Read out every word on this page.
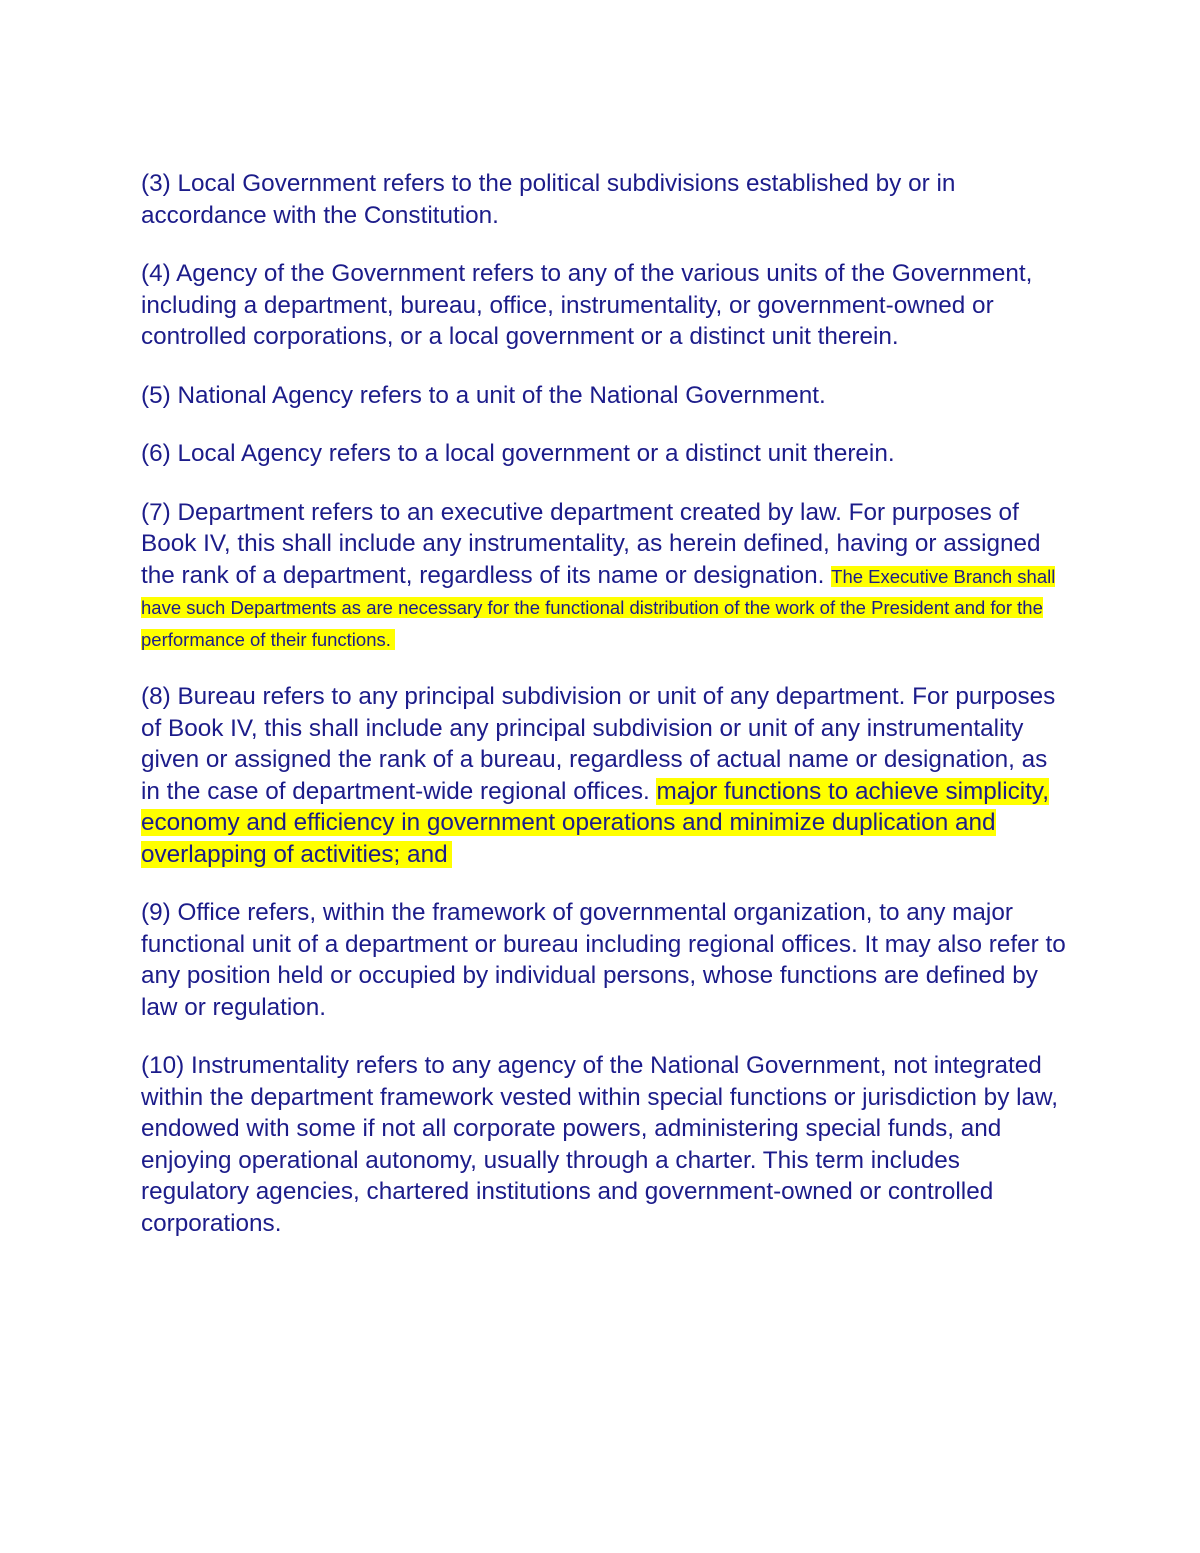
(3) Local Government refers to the political subdivisions established by or in accordance with the Constitution.

(4) Agency of the Government refers to any of the various units of the Government, including a department, bureau, office, instrumentality, or government-owned or controlled corporations, or a local government or a distinct unit therein.

(5) National Agency refers to a unit of the National Government.

(6) Local Agency refers to a local government or a distinct unit therein.

(7) Department refers to an executive department created by law. For purposes of Book IV, this shall include any instrumentality, as herein defined, having or assigned the rank of a department, regardless of its name or designation. The Executive Branch shall have such Departments as are necessary for the functional distribution of the work of the President and for the performance of their functions.

(8) Bureau refers to any principal subdivision or unit of any department. For purposes of Book IV, this shall include any principal subdivision or unit of any instrumentality given or assigned the rank of a bureau, regardless of actual name or designation, as in the case of department-wide regional offices. major functions to achieve simplicity, economy and efficiency in government operations and minimize duplication and overlapping of activities; and

(9) Office refers, within the framework of governmental organization, to any major functional unit of a department or bureau including regional offices. It may also refer to any position held or occupied by individual persons, whose functions are defined by law or regulation.

(10) Instrumentality refers to any agency of the National Government, not integrated within the department framework vested within special functions or jurisdiction by law, endowed with some if not all corporate powers, administering special funds, and enjoying operational autonomy, usually through a charter. This term includes regulatory agencies, chartered institutions and government-owned or controlled corporations.
